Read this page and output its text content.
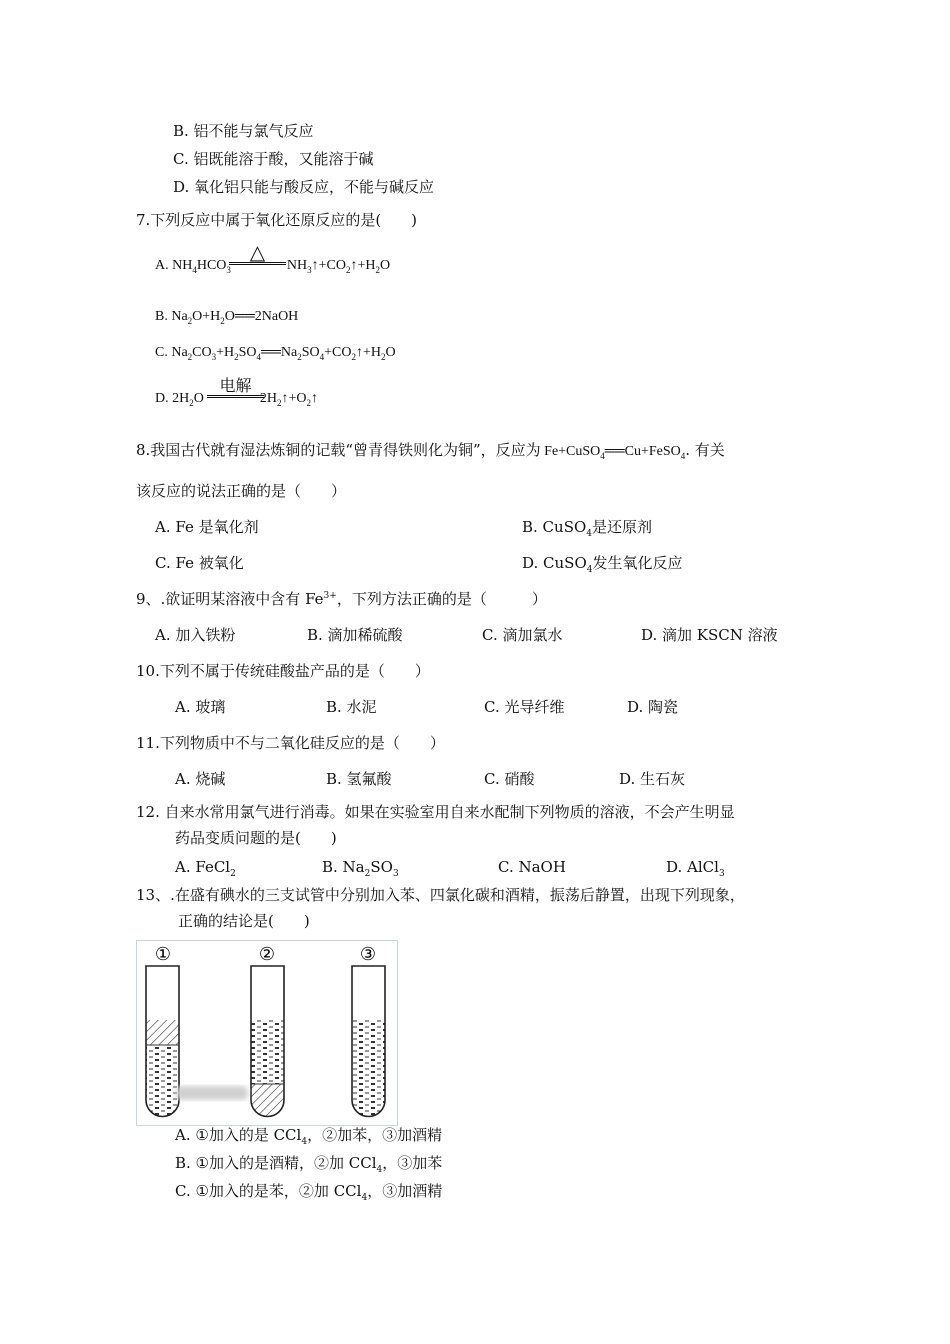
B. 铝不能与氯气反应
C. 铝既能溶于酸，又能溶于碱
D. 氧化铝只能与酸反应，不能与碱反应
7.下列反应中属于氧化还原反应的是(　　)
A. $NH_4HCO_3$	$NH_3↑+CO_2↑+H_2O$
△
B. $Na_2O+H_2O══2NaOH$
C. $Na_2CO_3+H_2SO_4══Na_2SO_4+CO_2↑+H_2O$
D. $2H_2O$	$2H_2↑+O_2↑$
电解
8.我国古代就有湿法炼铜的记载“曾青得铁则化为铜”，反应为 Fe+CuSO$_4$══Cu+FeSO$_4$. 有关
该反应的说法正确的是（　　）
A. Fe 是氧化剂	B. CuSO$_4$是还原剂
C. Fe 被氧化	D. CuSO$_4$发生氧化反应
9、.欲证明某溶液中含有 $Fe^{3+}$，下列方法正确的是（　　　）
A. 加入铁粉	B. 滴加稀硫酸	C. 滴加氯水	D. 滴加 KSCN 溶液
10.下列不属于传统硅酸盐产品的是（　　）
A. 玻璃	B. 水泥	C. 光导纤维	D. 陶瓷
11.下列物质中不与二氧化硅反应的是（　　）
A. 烧碱	B. 氢氟酸	C. 硝酸	D. 生石灰
12. 自来水常用氯气进行消毒。如果在实验室用自来水配制下列物质的溶液，不会产生明显
药品变质问题的是(　　)
A. FeCl$_2$	B. $Na_2SO_3$	C. NaOH	D. AlCl$_3$
13、.在盛有碘水的三支试管中分别加入苯、四氯化碳和酒精，振荡后静置，出现下列现象，
正确的结论是(　　)
①	②	③
A. ①加入的是 CCl$_4$，②加苯，③加酒精
B. ①加入的是酒精，②加 CCl$_4$，③加苯
C. ①加入的是苯，②加 CCl$_4$，③加酒精
